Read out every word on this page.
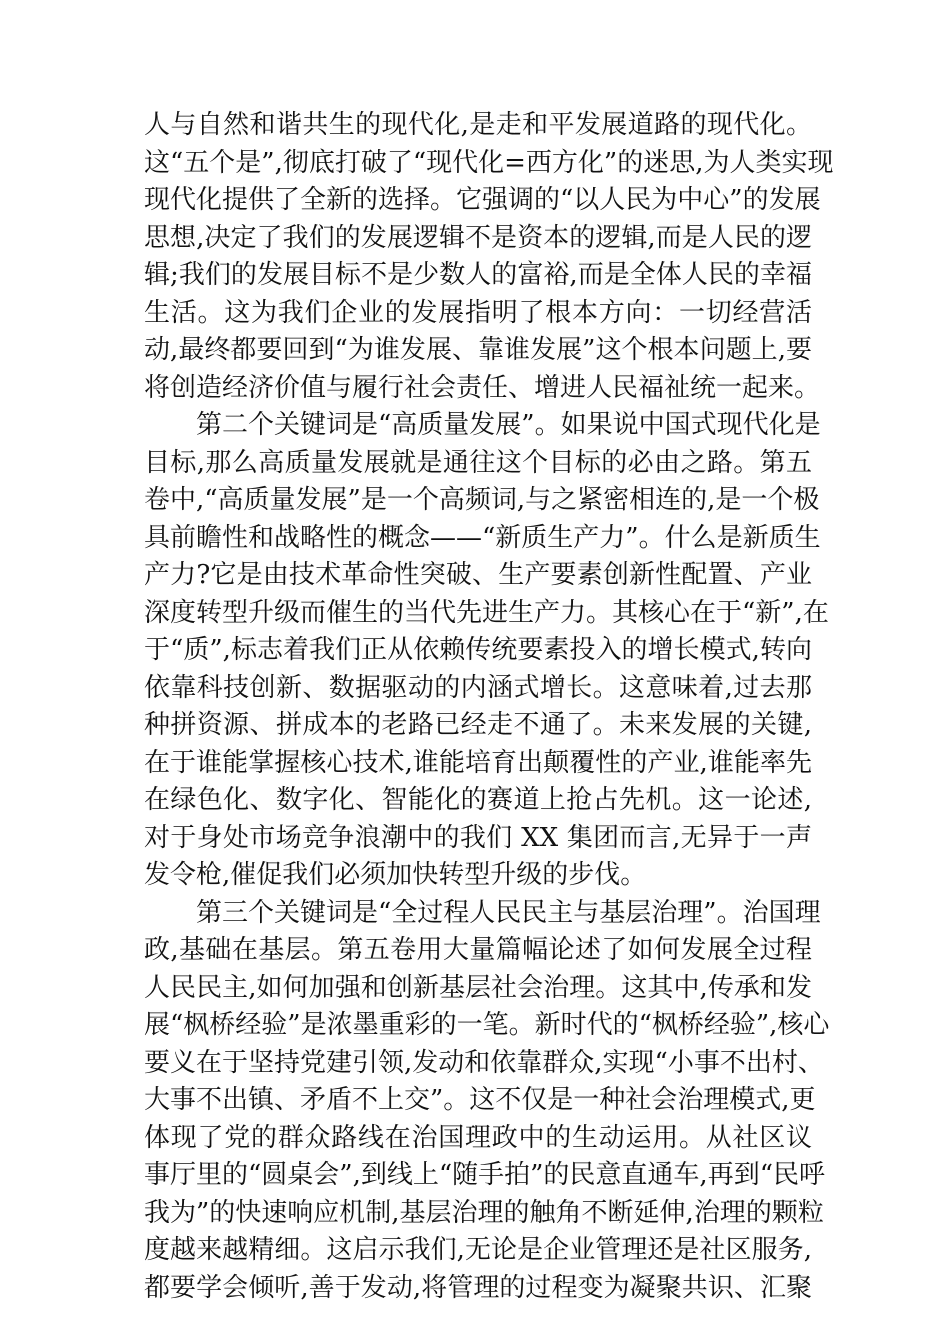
人与自然和谐共生的现代化,是走和平发展道路的现代化。
这“五个是”,彻底打破了“现代化=西方化”的迷思,为人类实现
现代化提供了全新的选择。它强调的“以人民为中心”的发展
思想,决定了我们的发展逻辑不是资本的逻辑,而是人民的逻
辑;我们的发展目标不是少数人的富裕,而是全体人民的幸福
生活。这为我们企业的发展指明了根本方向：一切经营活
动,最终都要回到“为谁发展、靠谁发展”这个根本问题上,要
将创造经济价值与履行社会责任、增进人民福祉统一起来。
第二个关键词是“高质量发展”。如果说中国式现代化是
目标,那么高质量发展就是通往这个目标的必由之路。第五
卷中,“高质量发展”是一个高频词,与之紧密相连的,是一个极
具前瞻性和战略性的概念——“新质生产力”。什么是新质生
产力?它是由技术革命性突破、生产要素创新性配置、产业
深度转型升级而催生的当代先进生产力。其核心在于“新”,在
于“质”,标志着我们正从依赖传统要素投入的增长模式,转向
依靠科技创新、数据驱动的内涵式增长。这意味着,过去那
种拼资源、拼成本的老路已经走不通了。未来发展的关键,
在于谁能掌握核心技术,谁能培育出颠覆性的产业,谁能率先
在绿色化、数字化、智能化的赛道上抢占先机。这一论述,
对于身处市场竞争浪潮中的我们 XX 集团而言,无异于一声
发令枪,催促我们必须加快转型升级的步伐。
第三个关键词是“全过程人民民主与基层治理”。治国理
政,基础在基层。第五卷用大量篇幅论述了如何发展全过程
人民民主,如何加强和创新基层社会治理。这其中,传承和发
展“枫桥经验”是浓墨重彩的一笔。新时代的“枫桥经验”,核心
要义在于坚持党建引领,发动和依靠群众,实现“小事不出村、
大事不出镇、矛盾不上交”。这不仅是一种社会治理模式,更
体现了党的群众路线在治国理政中的生动运用。从社区议
事厅里的“圆桌会”,到线上“随手拍”的民意直通车,再到“民呼
我为”的快速响应机制,基层治理的触角不断延伸,治理的颗粒
度越来越精细。这启示我们,无论是企业管理还是社区服务,
都要学会倾听,善于发动,将管理的过程变为凝聚共识、汇聚
